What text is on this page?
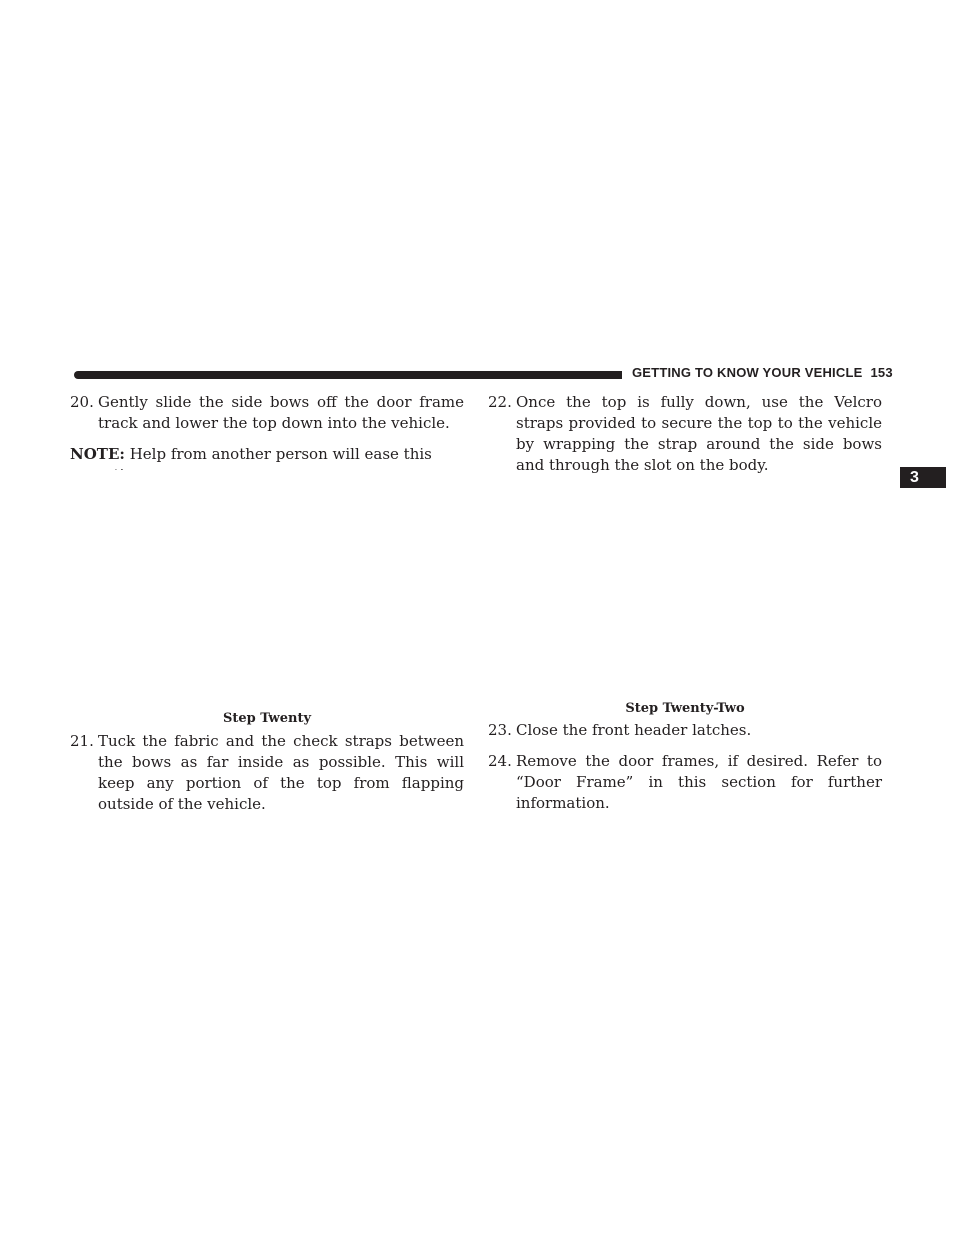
GETTING TO KNOW YOUR VEHICLE 153
3
20. Gently slide the side bows off the door frame track and lower the top down into the vehicle.
NOTE: Help from another person will ease this
Step Twenty
21. Tuck the fabric and the check straps between the bows as far inside as possible. This will keep any portion of the top from flapping outside of the vehicle.
22. Once the top is fully down, use the Velcro straps provided to secure the top to the vehicle by wrapping the strap around the side bows and through the slot on the body.
Step Twenty-Two
23. Close the front header latches.
24. Remove the door frames, if desired. Refer to “Door Frame” in this section for further information.
